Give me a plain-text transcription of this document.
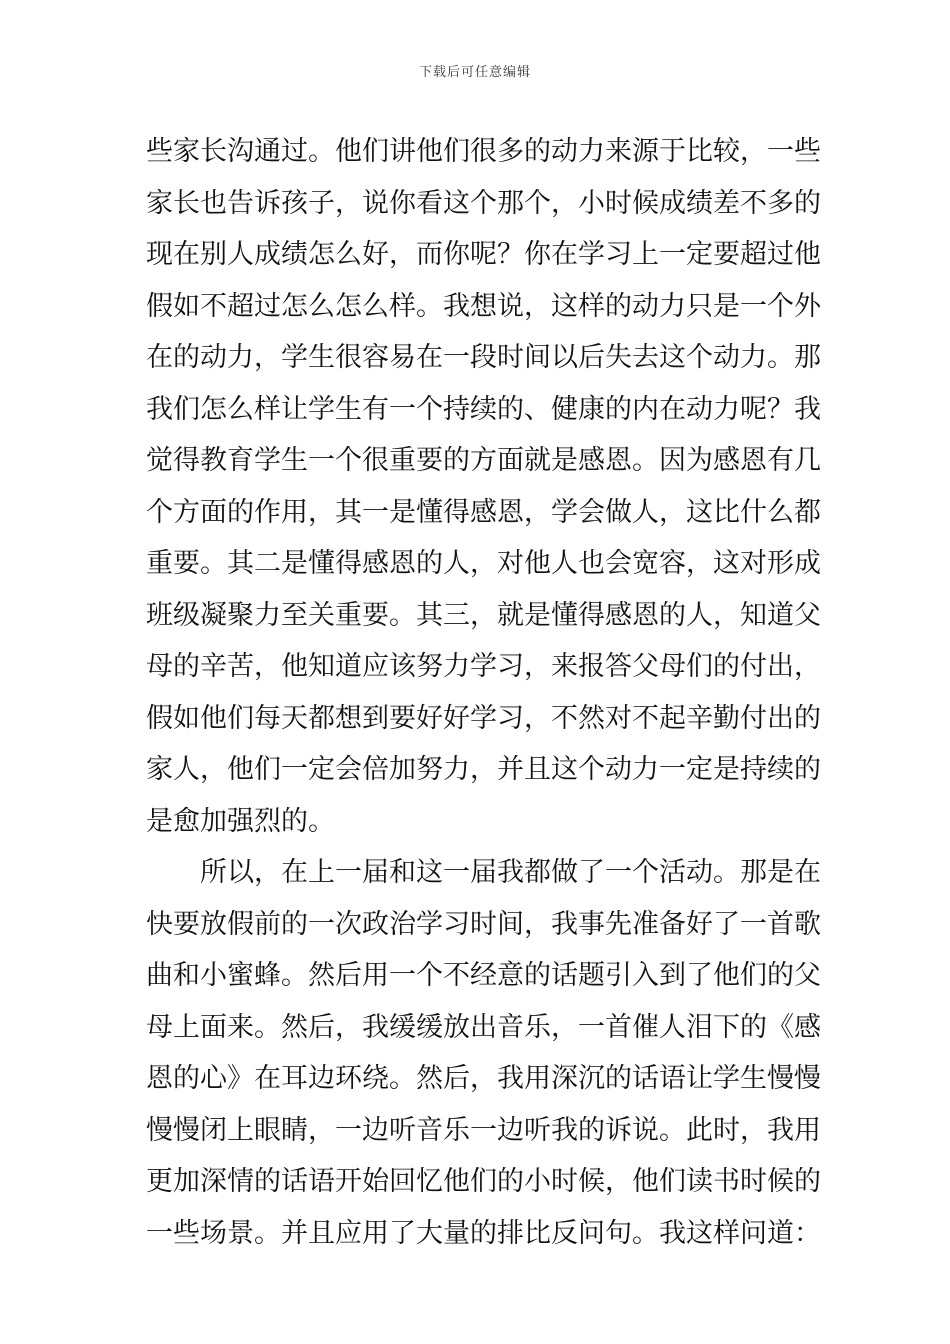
下载后可任意编辑
些家长沟通过。他们讲他们很多的动力来源于比较，一些
家长也告诉孩子，说你看这个那个，小时候成绩差不多的
现在别人成绩怎么好，而你呢？你在学习上一定要超过他
假如不超过怎么怎么样。我想说，这样的动力只是一个外
在的动力，学生很容易在一段时间以后失去这个动力。那
我们怎么样让学生有一个持续的、健康的内在动力呢？我
觉得教育学生一个很重要的方面就是感恩。因为感恩有几
个方面的作用，其一是懂得感恩，学会做人，这比什么都
重要。其二是懂得感恩的人，对他人也会宽容，这对形成
班级凝聚力至关重要。其三，就是懂得感恩的人，知道父
母的辛苦，他知道应该努力学习，来报答父母们的付出，
假如他们每天都想到要好好学习，不然对不起辛勤付出的
家人，他们一定会倍加努力，并且这个动力一定是持续的
是愈加强烈的。
所以，在上一届和这一届我都做了一个活动。那是在
快要放假前的一次政治学习时间，我事先准备好了一首歌
曲和小蜜蜂。然后用一个不经意的话题引入到了他们的父
母上面来。然后，我缓缓放出音乐，一首催人泪下的《感
恩的心》在耳边环绕。然后，我用深沉的话语让学生慢慢
慢慢闭上眼睛，一边听音乐一边听我的诉说。此时，我用
更加深情的话语开始回忆他们的小时候，他们读书时候的
一些场景。并且应用了大量的排比反问句。我这样问道：
